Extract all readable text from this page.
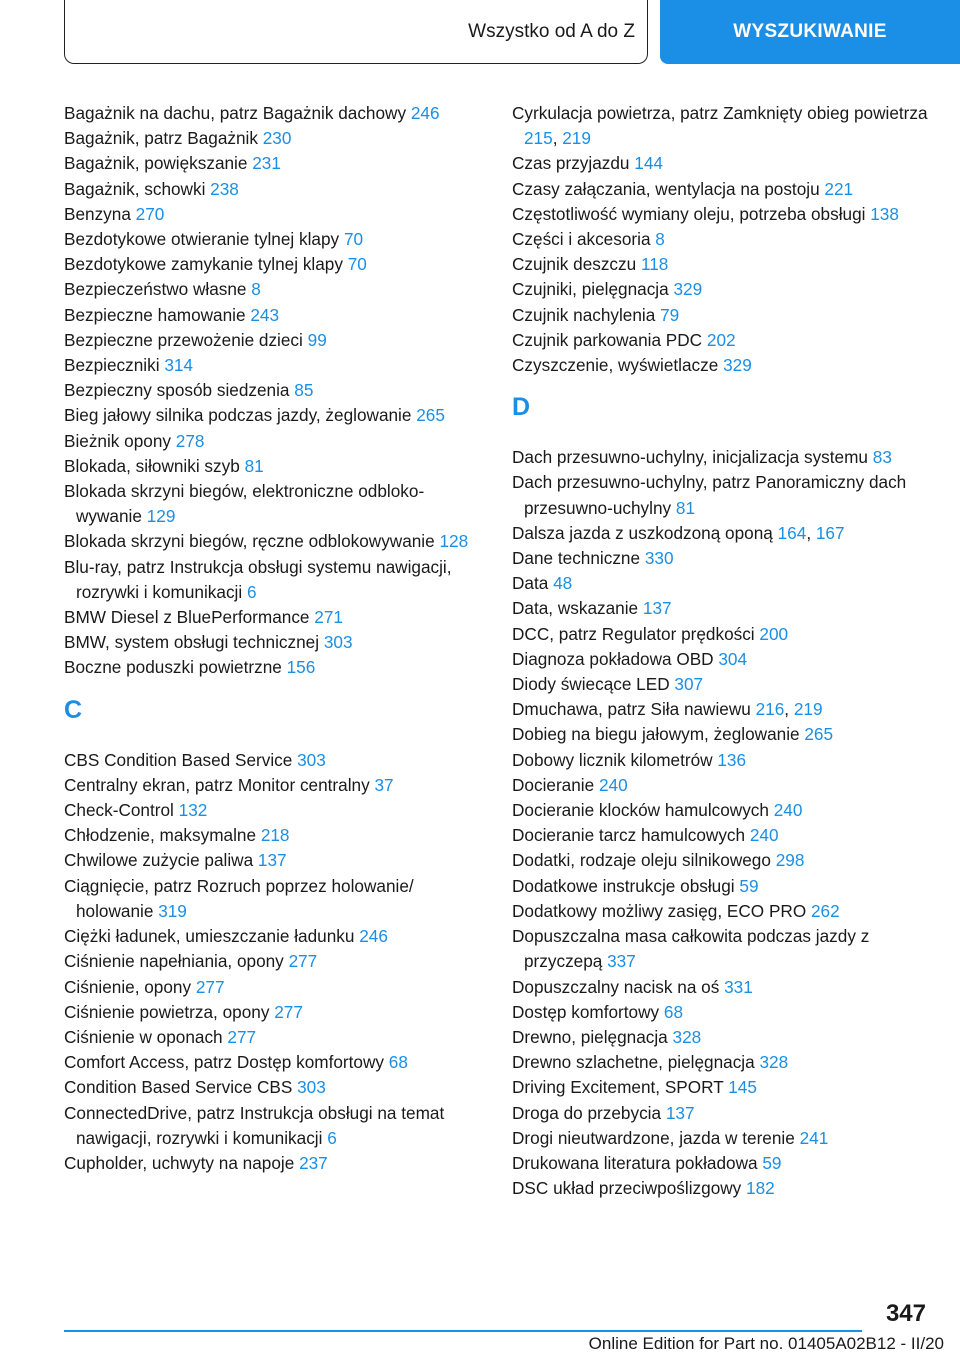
Wszystko od A do Z	WYSZUKIWANIE
Bagażnik na dachu, patrz Bagażnik dachowy 246
Bagażnik, patrz Bagażnik 230
Bagażnik, powiększanie 231
Bagażnik, schowki 238
Benzyna 270
Bezdotykowe otwieranie tylnej klapy 70
Bezdotykowe zamykanie tylnej klapy 70
Bezpieczeństwo własne 8
Bezpieczne hamowanie 243
Bezpieczne przewożenie dzieci 99
Bezpieczniki 314
Bezpieczny sposób siedzenia 85
Bieg jałowy silnika podczas jazdy, żeglowanie 265
Bieżnik opony 278
Blokada, siłowniki szyb 81
Blokada skrzyni biegów, elektroniczne odblokowywanie 129
Blokada skrzyni biegów, ręczne odblokowywanie 128
Blu-ray, patrz Instrukcja obsługi systemu nawigacji, rozrywki i komunikacji 6
BMW Diesel z BluePerformance 271
BMW, system obsługi technicznej 303
Boczne poduszki powietrzne 156
C
CBS Condition Based Service 303
Centralny ekran, patrz Monitor centralny 37
Check-Control 132
Chłodzenie, maksymalne 218
Chwilowe zużycie paliwa 137
Ciągnięcie, patrz Rozruch poprzez holowanie/​holowanie 319
Ciężki ładunek, umieszczanie ładunku 246
Ciśnienie napełniania, opony 277
Ciśnienie, opony 277
Ciśnienie powietrza, opony 277
Ciśnienie w oponach 277
Comfort Access, patrz Dostęp komfortowy 68
Condition Based Service CBS 303
ConnectedDrive, patrz Instrukcja obsługi na temat nawigacji, rozrywki i komunikacji 6
Cupholder, uchwyty na napoje 237
Cyrkulacja powietrza, patrz Zamknięty obieg powietrza 215, 219
Czas przyjazdu 144
Czasy załączania, wentylacja na postoju 221
Częstotliwość wymiany oleju, potrzeba obsługi 138
Części i akcesoria 8
Czujnik deszczu 118
Czujniki, pielęgnacja 329
Czujnik nachylenia 79
Czujnik parkowania PDC 202
Czyszczenie, wyświetlacze 329
D
Dach przesuwno-uchylny, inicjalizacja systemu 83
Dach przesuwno-uchylny, patrz Panoramiczny dach przesuwno-uchylny 81
Dalsza jazda z uszkodzoną oponą 164, 167
Dane techniczne 330
Data 48
Data, wskazanie 137
DCC, patrz Regulator prędkości 200
Diagnoza pokładowa OBD 304
Diody świecące LED 307
Dmuchawa, patrz Siła nawiewu 216, 219
Dobieg na biegu jałowym, żeglowanie 265
Dobowy licznik kilometrów 136
Docieranie 240
Docieranie klocków hamulcowych 240
Docieranie tarcz hamulcowych 240
Dodatki, rodzaje oleju silnikowego 298
Dodatkowe instrukcje obsługi 59
Dodatkowy możliwy zasięg, ECO PRO 262
Dopuszczalna masa całkowita podczas jazdy z przyczepą 337
Dopuszczalny nacisk na oś 331
Dostęp komfortowy 68
Drewno, pielęgnacja 328
Drewno szlachetne, pielęgnacja 328
Driving Excitement, SPORT 145
Droga do przebycia 137
Drogi nieutwardzone, jazda w terenie 241
Drukowana literatura pokładowa 59
DSC układ przeciwpoślizgowy 182
347
Online Edition for Part no. 01405A02B12 - II/20
